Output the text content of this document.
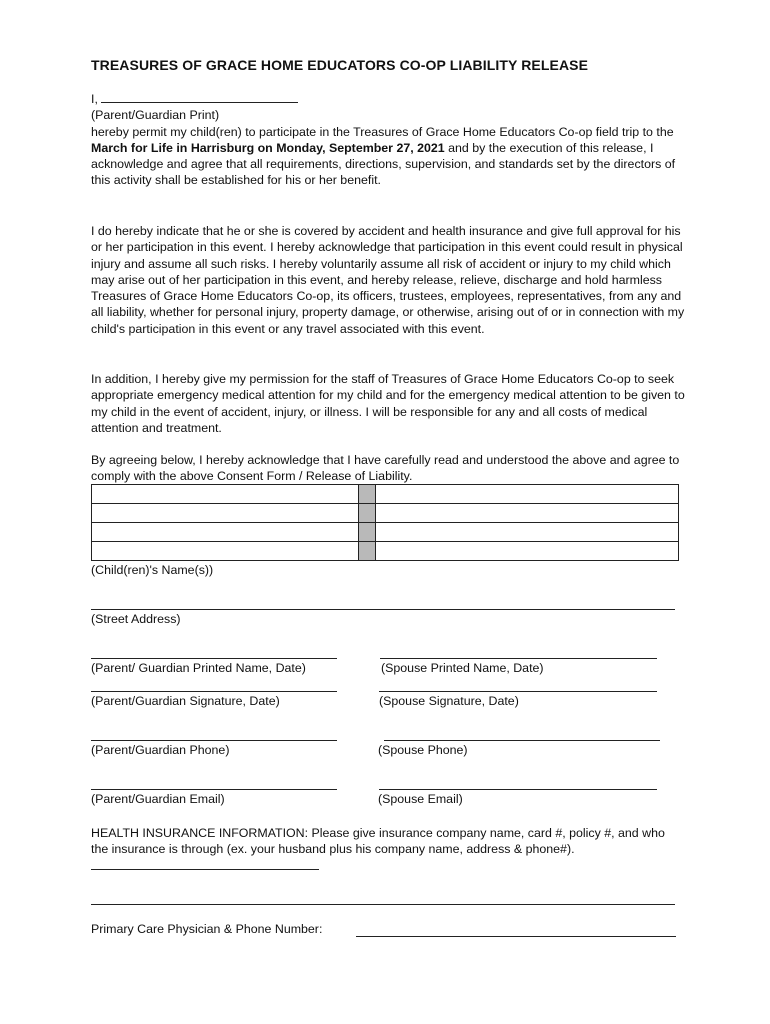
TREASURES OF GRACE HOME EDUCATORS CO-OP LIABILITY RELEASE
I,
(Parent/Guardian Print)
hereby permit my child(ren) to participate in the Treasures of Grace Home Educators Co-op field trip to the March for Life in Harrisburg on Monday, September 27, 2021 and by the execution of this release, I acknowledge and agree that all requirements, directions, supervision, and standards set by the directors of this activity shall be established for his or her benefit.
I do hereby indicate that he or she is covered by accident and health insurance and give full approval for his or her participation in this event. I hereby acknowledge that participation in this event could result in physical injury and assume all such risks. I hereby voluntarily assume all risk of accident or injury to my child which may arise out of her participation in this event, and hereby release, relieve, discharge and hold harmless Treasures of Grace Home Educators Co-op, its officers, trustees, employees, representatives, from any and all liability, whether for personal injury, property damage, or otherwise, arising out of or in connection with my child's participation in this event or any travel associated with this event.
In addition, I hereby give my permission for the staff of Treasures of Grace Home Educators Co-op to seek appropriate emergency medical attention for my child and for the emergency medical attention to be given to my child in the event of accident, injury, or illness. I will be responsible for any and all costs of medical attention and treatment.
By agreeing below, I hereby acknowledge that I have carefully read and understood the above and agree to comply with the above Consent Form / Release of Liability.

(Child(ren)'s Name(s))
(Street Address)
(Parent/ Guardian Printed Name, Date)	(Spouse Printed Name, Date)
(Parent/Guardian Signature, Date)	(Spouse Signature, Date)
(Parent/Guardian Phone)	(Spouse Phone)
(Parent/Guardian Email)	(Spouse Email)
HEALTH INSURANCE INFORMATION: Please give insurance company name, card #, policy #, and who the insurance is through (ex. your husband plus his company name, address & phone#).
Primary Care Physician & Phone Number:
